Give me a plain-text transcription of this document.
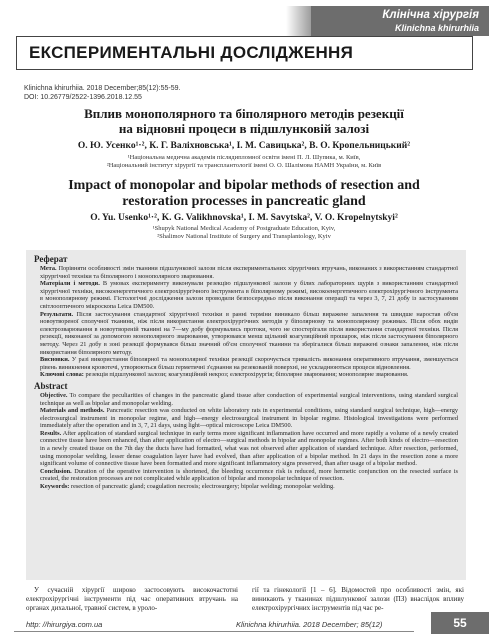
Клінічна хірургія
Klinichna khirurhiia
ЕКСПЕРИМЕНТАЛЬНІ ДОСЛІДЖЕННЯ
Klinichna khirurhiia. 2018 December;85(12):55-59.
DOI: 10.26779/2522-1396.2018.12.55
Вплив монополярного та біполярного методів резекції
на відновні процеси в підшлунковій залозі
О. Ю. Усенко¹·², К. Г. Валіхновська¹, І. М. Савицька², В. О. Кропельницький²
¹Національна медична академія післядипломної освіти імені П. Л. Шупика, м. Київ,
²Національний інститут хірургії та трансплантології імені О. О. Шалімова НАМН України, м. Київ
Impact of monopolar and bipolar methods of resection and
restoration processes in pancreatic gland
O. Yu. Usenko¹·², K. G. Valikhnovska¹, I. M. Savytska², V. O. Kropelnytskyi²
¹Shupyk National Medical Academy of Postgraduate Education, Kyiv,
²Shalimov National Institute of Surgery and Transplantology, Kyiv
Реферат

Мета. Порівняти особливості змін тканини підшлункової залози після експериментальних хірургічних втручань, виконаних з використанням стандартної хірургічної техніки та біполярного і монополярного зварювання.

Матеріали і методи. В умовах експерименту виконували резекцію підшлункової залози у білих лабораторних щурів з використанням стандартної хірургічної техніки, високоенергетичного електрохірургічного інструмента в біполярному режимі, високоенергетичного електрохірургічного інструмента в монополярному режимі. Гістологічні дослідження залози проводили безпосередньо після виконання операції та через 3, 7, 21 добу із застосуванням світлооптичного мікроскопа Leica DM500.

Результати. Після застосування стандартної хірургічної техніки в ранні терміни виникало більш виражене запалення та швидше наростав об'єм новоутвореної сполучної тканини, ніж після використання електрохірургічних методів у біполярному та монополярному режимах. Після обох видів електрозварювання в новоутвореній тканині на 7—му добу формувались протоки, чого не спостерігали після використання стандартної техніки. Після резекції, виконаної за допомогою монополярного зварювання, утворювався менш щільний коагуляційний прошарок, ніж після застосування біполярного методу. Через 21 добу в зоні резекції формувався більш значний об'єм сполучної тканини та зберігалися більш виражені ознаки запалення, ніж після використання біполярного методу.

Висновки. У разі використання біполярної та монополярної техніки резекції скорочується тривалість виконання оперативного втручання, зменшується рівень виникнення кровотечі, утворюються більш герметичні з'єднання на резекованій поверхні, не ускладнюються процеси відновлення.

Ключові слова: резекція підшлункової залози; коагуляційний некроз; електрохірургія; біполярне зварювання; монополярне зварювання.

Abstract

Objective. To compare the peculiarities of changes in the pancreatic gland tissue after conduction of experimental surgical interventions, using standard surgical technique as well as bipolar and monopolar welding.

Materials and methods. Pancreatic resection was conducted on white laboratory rats in experimental conditions, using standard surgical technique, high—energy electrosurgical instrument in monopolar regime, and high—energy electrosurgical instrument in bipolar regime. Histological investigations were performed immediately after the operation and in 3, 7, 21 days, using light—optical microscope Leica DM500.

Results. After application of standard surgical technique in early terms more significant inflammation have occurred and more rapidly a volume of a newly created connective tissue have been enhanced, than after application of electro—surgical methods in bipolar and monopolar regimes. After both kinds of electro—resection in a newly created tissue on the 7th day the ducts have had formatted, what was not observed after application of standard technique. After resection, performed, using monopolar welding, lesser dense coagulation layer have had evolved, than after application of a bipolar method. In 21 days in the resection zone a more significant volume of connective tissue have been formatted and more significant inflammatory signs preserved, than after usage of a bipolar method.

Conclusion. Duration of the operative intervention is shortened, the bleeding occurrence risk is reduced, more hermetic conjunction on the resected surface is created, the restoration processes are not complicated while application of bipolar and monopolar technique of resection.

Keywords: resection of pancreatic gland; coagulation necrosis; electrosurgery; bipolar welding; monopolar welding.

У сучасній хірургії широко застосовують високочастотні електрохірургічні інструменти під час оперативних втручань на органах дихальної, травної систем, в уроло-
гії та гінекології [1 – 6]. Відомостей про особливості змін, які виникають у тканинах підшлункової залози (ПЗ) внаслідок впливу електрохірургічних інструментів під час ре-
http: //hirurgiya.com.ua	Klinichna khirurhiia. 2018 December; 85(12)	55
